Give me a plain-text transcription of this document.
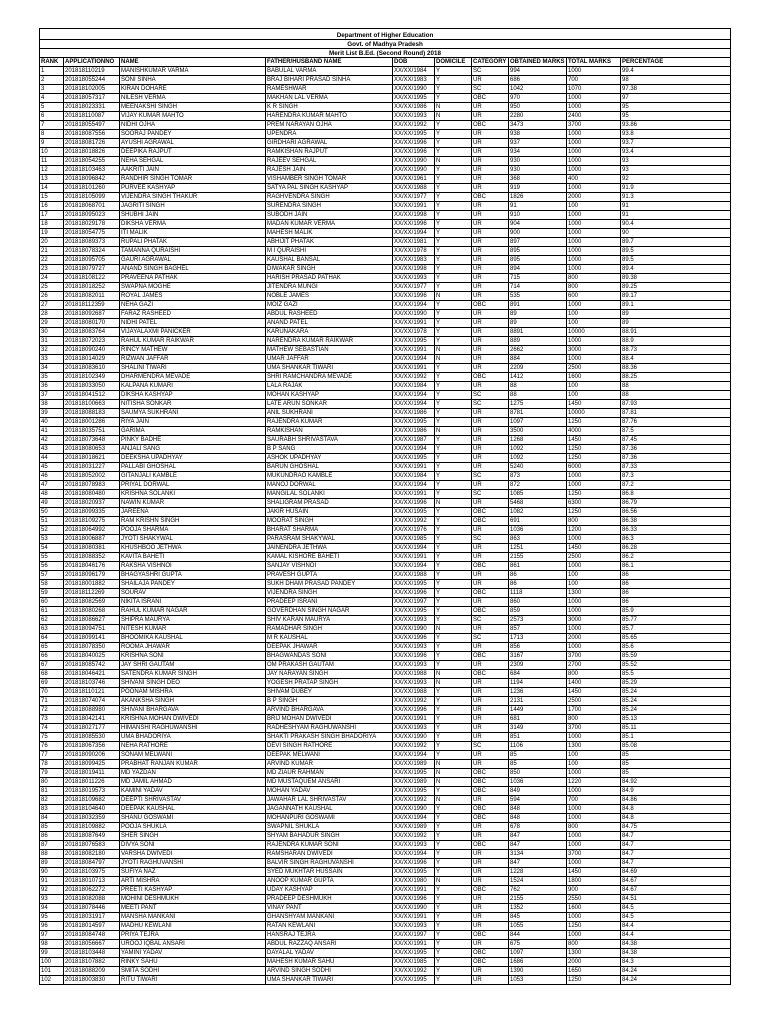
Department of Higher Education									
Govt. of Madhya Pradesh									
Merit List B.Ed. (Second Round) 2018									
RANK	APPLICATIONNO	NAME	FATHER/HUSBAND NAME	DOB	DOMICILE	CATEGORY	OBTAINED MARKS	TOTAL MARKS	PERCENTAGE
1	201818110219	MANISHKUMAR VARMA	BABULAL VARMA	XX/XX/1984	Y	SC	994	1000	99.4
2	201818055244	SONI SINHA	BRAJ BIHARI PRASAD SINHA	XX/XX/1983	Y	UR	686	700	98
3	201818102005	KIRAN DOHARE	RAMESHWAR	XX/XX/1990	Y	SC	1042	1070	97.38
4	201818057317	NILESH VERMA	MAKHAN LAL VERMA	XX/XX/1995	Y	OBC	970	1000	97
5	201818023331	MEENAKSHI SINGH	K R SINGH	XX/XX/1986	N	UR	950	1000	95
6	201818110087	VIJAY KUMAR MAHTO	HARENDRA KUMAR MAHTO	XX/XX/1993	N	UR	2280	2400	95
7	201818055497	NIDHI OJHA	PREM NARAYAN OJHA	XX/XX/1992	Y	OBC	3473	3700	93.86
8	201818087556	SOORAJ PANDEY	UPENDRA	XX/XX/1995	Y	UR	938	1000	93.8
9	201818081726	AYUSHI AGRAWAL	GIRDHARI AGRAWAL	XX/XX/1996	Y	UR	937	1000	93.7
10	201818018826	DEEPIKA RAJPUT	RAMKISHAN RAJPUT	XX/XX/1996	Y	UR	934	1000	93.4
11	201818054255	NEHA SEHGAL	RAJEEV SEHGAL	XX/XX/1990	N	UR	930	1000	93
12	201818103463	AAKRITI JAIN	RAJESH JAIN	XX/XX/1990	Y	UR	930	1000	93
13	201818096842	RANDHIR SINGH TOMAR	VISHAMBER SINGH TOMAR	XX/XX/1961	Y	UR	368	400	92
14	201818101260	PURVEE KASHYAP	SATYA PAL SINGH KASHYAP	XX/XX/1988	Y	UR	919	1000	91.9
15	201818105099	VIJENDRA SINGH THAKUR	RAGHVENDRA SINGH	XX/XX/1977	Y	OBC	1826	2000	91.3
16	201818068701	JAGRITI SINGH	SURENDRA SINGH	XX/XX/1991	Y	UR	91	100	91
17	201818095023	SHUBHI JAIN	SUBODH JAIN	XX/XX/1998	Y	UR	910	1000	91
18	201818029178	DIKSHA VERMA	MADAN KUMAR VERMA	XX/XX/1996	Y	UR	904	1000	90.4
19	201818054775	ITI MALIK	MAHESH MALIK	XX/XX/1994	Y	UR	900	1000	90
20	201818089373	RUPALI PHATAK	ABHIJIT PHATAK	XX/XX/1981	Y	UR	897	1000	89.7
21	201818078324	TAMANNA QURAISHI	M I QURAISHI	XX/XX/1978	Y	UR	895	1000	89.5
22	201818095705	GAURI AGRAWAL	KAUSHAL BANSAL	XX/XX/1983	Y	UR	895	1000	89.5
23	201818079727	ANAND SINGH BAGHEL	DIWAKAR SINGH	XX/XX/1998	Y	UR	894	1000	89.4
24	201818108122	PRAVEENA PATHAK	HARISH PRASAD PATHAK	XX/XX/1993	Y	UR	715	800	89.38
25	201818018252	SWAPNA MOGHE	JITENDRA MUNGI	XX/XX/1977	Y	UR	714	800	89.25
26	201818082011	ROYAL JAMES	NOBLE JAMES	XX/XX/1996	N	UR	535	600	89.17
27	201818112359	NEHA GAZI	MOIZ GAZI	XX/XX/1994	Y	OBC	891	1000	89.1
28	201818092687	FARAZ RASHEED	ABDUL RASHEED	XX/XX/1990	Y	UR	89	100	89
29	201818080170	NIDHI PATEL	ANAND PATEL	XX/XX/1991	Y	UR	89	100	89
30	201818083764	VIJAYALAXMI PANICKER	KARUNAKARA	XX/XX/1978	Y	UR	8891	10000	88.91
31	201818072023	RAHUL KUMAR RAIKWAR	NARENDRA KUMAR RAIKWAR	XX/XX/1995	Y	UR	889	1000	88.9
32	201818090240	RINCY MATHEW	MATHEW SEBASTIAN	XX/XX/1991	N	UR	2662	3000	88.73
33	201818014029	RIZWAN JAFFAR	UMAR JAFFAR	XX/XX/1994	N	UR	884	1000	88.4
34	201818083610	SHALINI TIWARI	UMA SHANKAR TIWARI	XX/XX/1991	Y	UR	2209	2500	88.36
35	201818102349	DHARMENDRA MEVADE	SHRI RAMCHANDRA MEVADE	XX/XX/1992	Y	OBC	1412	1600	88.25
36	201818033050	KALPANA KUMARI	LALA RAJAK	XX/XX/1984	Y	UR	88	100	88
37	201818041512	DIKSHA KASHYAP	MOHAN KASHYAP	XX/XX/1994	Y	SC	88	100	88
38	201818100663	NITISHA SONKAR	LATE ARUN SONKAR	XX/XX/1994	Y	SC	1275	1450	87.93
39	201818088183	SAUMYA SUKHRANI	ANIL SUKHRANI	XX/XX/1986	Y	UR	8781	10000	87.81
40	201818001286	RIYA JAIN	RAJENDRA KUMAR	XX/XX/1995	Y	UR	1097	1250	87.76
41	201818035751	GARIMA	RAMKISHAN	XX/XX/1986	N	UR	3500	4000	87.5
42	201818073648	PINKY BADHE	SAURABH SHRIVASTAVA	XX/XX/1987	Y	UR	1268	1450	87.45
43	201818080653	ANJALI SANG	B P SANG	XX/XX/1994	Y	UR	1092	1250	87.36
44	201818018621	DEEKSHA UPADHYAY	ASHOK UPADHYAY	XX/XX/1995	Y	UR	1092	1250	87.36
45	201818031227	PALLABI GHOSHAL	BARUN GHOSHAL	XX/XX/1991	Y	UR	5240	6000	87.33
46	201818052002	GITANJALI KAMBLE	MUKUNDRAO KAMBLE	XX/XX/1984	Y	SC	873	1000	87.3
47	201818078983	PRIYAL DORWAL	MANOJ DORWAL	XX/XX/1994	Y	UR	872	1000	87.2
48	201818080480	KRISHNA SOLANKI	MANGILAL SOLANKI	XX/XX/1991	Y	SC	1085	1250	86.8
49	201818020937	NAWIN KUMAR	SHALIGRAM PRASAD	XX/XX/1996	N	UR	5468	6300	86.79
50	201818099335	JAREENA	JAKIR HUSAIN	XX/XX/1995	Y	OBC	1082	1250	86.56
51	201818109275	RAM KRISHN SINGH	MOORAT SINGH	XX/XX/1992	Y	OBC	691	800	86.38
52	201818064992	POOJA SHARMA	BHARAT SHARMA	XX/XX/1976	Y	UR	1036	1200	86.33
53	201818006887	JYOTI SHAKYWAL	PARASRAM SHAKYWAL	XX/XX/1985	Y	SC	863	1000	86.3
54	201818080381	KHUSHBOO JETHWA	JAINENDRA JETHWA	XX/XX/1994	Y	UR	1251	1450	86.28
55	201818088352	KAVITA BAHETI	KAMAL KISHORE BAHETI	XX/XX/1991	Y	UR	2155	2500	86.2
56	201818046176	RAKSHA VISHNOI	SANJAY VISHNOI	XX/XX/1994	Y	OBC	861	1000	86.1
57	201818096179	BHAGYASHRI GUPTA	PRAVESH GUPTA	XX/XX/1988	Y	UR	86	100	86
58	201818001882	SHAILAJA PANDEY	SUKH DHAM PRASAD PANDEY	XX/XX/1995	Y	UR	86	100	86
59	201818112269	SOURAV	VIJENDRA SINGH	XX/XX/1996	Y	OBC	1118	1300	86
60	201818082569	NIKITA ISRANI	PRADEEP ISRANI	XX/XX/1997	Y	UR	860	1000	86
61	201818080268	RAHUL KUMAR NAGAR	GOVERDHAN SINGH NAGAR	XX/XX/1995	Y	OBC	859	1000	85.9
62	201818086627	SHIPRA MAURYA	SHIV KARAN MAURYA	XX/XX/1993	Y	SC	2573	3000	85.77
63	201818094751	NITESH KUMAR	RAMADHAR SINGH	XX/XX/1990	N	UR	857	1000	85.7
64	201818099141	BHOOMIKA KAUSHAL	M R KAUSHAL	XX/XX/1996	Y	SC	1713	2000	85.65
65	201818078350	ROOMA JHAWAR	DEEPAK JHAWAR	XX/XX/1993	Y	UR	856	1000	85.6
66	201818040025	KRISHNA SONI	BHAGWANDAS SONI	XX/XX/1996	Y	OBC	3167	3700	85.59
67	201818085742	JAY SHRI GAUTAM	OM PRAKASH GAUTAM	XX/XX/1993	Y	UR	2309	2700	85.52
68	201818046421	SATENDRA KUMAR SINGH	JAY NARAYAN SINGH	XX/XX/1988	N	OBC	684	800	85.5
69	201818103746	SHIVANI SINGH DEO	YOGESH PRATAP SINGH	XX/XX/1993	N	UR	1194	1400	85.29
70	201818110121	POONAM MISHRA	SHIVAM DUBEY	XX/XX/1988	Y	UR	1236	1450	85.24
71	201818074074	AKANKSHA SINGH	B P SINGH	XX/XX/1992	Y	UR	2131	2500	85.24
72	201818088980	SHIVANI BHARGAVA	ARVIND BHARGAVA	XX/XX/1996	Y	UR	1449	1700	85.24
73	201818042141	KRISHNA MOHAN DWIVEDI	BRIJ MOHAN DWIVEDI	XX/XX/1991	Y	UR	681	800	85.13
74	201818027177	HIMANSHI RAGHUWANSHI	RADHESHYAM RAGHUWANSHI	XX/XX/1993	Y	UR	3149	3700	85.11
75	201818085530	UMA BHADORIYA	SHAKTI PRAKASH SINGH BHADORIYA	XX/XX/1990	Y	UR	851	1000	85.1
76	201818067356	NEHA RATHORE	DEVI SINGH RATHORE	XX/XX/1992	Y	SC	1106	1300	85.08
77	201818090206	SONAM MELWANI	DEEPAK MELWANI	XX/XX/1994	Y	UR	85	100	85
78	201818099425	PRABHAT RANJAN KUMAR	ARVIND KUMAR	XX/XX/1989	N	UR	85	100	85
79	201818019411	MD YAZDAN	MD ZIAUR RAHMAN	XX/XX/1995	N	OBC	850	1000	85
80	201818011226	MD JAMIL AHMAD	MD MUSTAQUEM ANSARI	XX/XX/1989	N	OBC	1036	1220	84.92
81	201818019573	KAMINI YADAV	MOHAN YADAV	XX/XX/1995	Y	OBC	849	1000	84.9
82	201818109682	DEEPTI SHRIVASTAV	JAWAHAR LAL SHRIVASTAV	XX/XX/1992	N	UR	594	700	84.86
83	201818104640	DEEPAK KAUSHAL	JAGANNATH KAUSHAL	XX/XX/1990	Y	OBC	848	1000	84.8
84	201818032359	SHANU GOSWAMI	MOHANPURI GOSWAMI	XX/XX/1994	Y	OBC	848	1000	84.8
85	201818109882	POOJA SHUKLA	SWAPNIL SHUKLA	XX/XX/1989	Y	UR	678	800	84.75
86	201818087649	SHER SINGH	SHYAM BAHADUR SINGH	XX/XX/1992	Y	UR	847	1000	84.7
87	201818076583	DIVYA SONI	RAJENDRA KUMAR SONI	XX/XX/1993	Y	OBC	847	1000	84.7
88	201818082180	VARSHA DWIVEDI	RAMSHARAN DWIVEDI	XX/XX/1994	Y	UR	3134	3700	84.7
89	201818084797	JYOTI RAGHUVANSHI	BALVIR SINGH RAGHUVANSHI	XX/XX/1996	Y	UR	847	1000	84.7
90	201818103975	SUFIYA NAZ	SYED MUKHTAR HUSSAIN	XX/XX/1995	Y	UR	1228	1450	84.69
91	201818010713	ARTI MISHRA	ANOOP KUMAR GUPTA	XX/XX/1980	N	UR	1524	1800	84.67
92	201818062272	PREETI KASHYAP	UDAY KASHYAP	XX/XX/1991	Y	OBC	762	900	84.67
93	201818082088	MOHINI DESHMUKH	PRADEEP DESHMUKH	XX/XX/1996	Y	UR	2155	2550	84.51
94	201818078446	MEETI PANT	VINAY PANT	XX/XX/1990	Y	UR	1352	1600	84.5
95	201818031917	MANSHA MANKANI	GHANSHYAM MANKANI	XX/XX/1991	Y	UR	845	1000	84.5
96	201818014597	MADHU KEWLANI	RATAN KEWLANI	XX/XX/1993	Y	UR	1055	1250	84.4
97	201818084748	PRIYA TEJRA	HANSRAJ TEJRA	XX/XX/1997	Y	OBC	844	1000	84.4
98	201818056667	UROOJ IQBAL ANSARI	ABDUL RAZZAQ ANSARI	XX/XX/1991	Y	UR	675	800	84.38
99	201818103448	YAMINI YADAV	DAYALAL YADAV	XX/XX/1995	Y	OBC	1097	1300	84.38
100	201818107882	RINKY SAHU	MAHESH KUMAR SAHU	XX/XX/1985	Y	OBC	1686	2000	84.3
101	201818088209	SMITA SODHI	ARVIND SINGH SODHI	XX/XX/1992	Y	UR	1390	1650	84.24
102	201818003830	RITU TIWARI	UMA SHANKAR TIWARI	XX/XX/1995	Y	UR	1053	1250	84.24
